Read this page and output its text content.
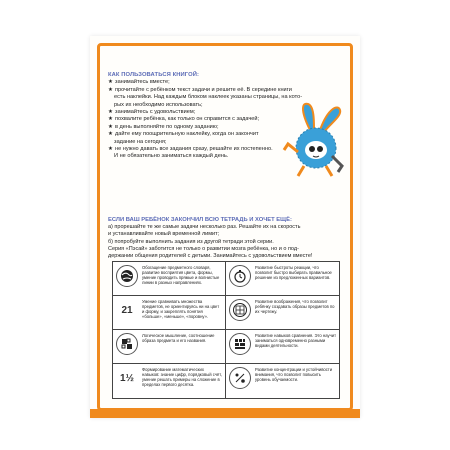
КАК ПОЛЬЗОВАТЬСЯ КНИГОЙ:
★ занимайтесь вместе;
★ прочитайте с ребёнком текст задачи и решите её. В середине книги
есть наклейки. Над каждым блоком наклеек указаны страницы, на кото-
рых их необходимо использовать;
★ занимайтесь с удовольствием;
★ похвалите ребёнка, как только он справится с задачей;
★ в день выполняйте по одному заданию;
★ дайте ему поощрительную наклейку, когда он закончит
задание на сегодня;
★ не нужно давать все задания сразу, решайте их постепенно.
И не обязательно заниматься каждый день.
ЕСЛИ ВАШ РЕБЁНОК ЗАКОНЧИЛ ВСЮ ТЕТРАДЬ И ХОЧЕТ ЕЩЁ:
а) прорешайте те же самые задачи несколько раз. Решайте их на скорость
и устанавливайте новый временной лимит;
б) попробуйте выполнить задания из другой тетради этой серии.
Серия «Пэсай» заботится не только о развитии мозга ребёнка, но и о под-
держании общения родителей с детьми. Занимайтесь с удовольствием вместе!
Обогащение предметного словаря, развитие восприятия цвета, формы, умение проводить прямые и волнистые линии в разных направлениях.
Развитие быстроты реакции, что позволит быстро выбирать правильное решение из предложенных вариантов.
2‍1
Умение сравнивать множества предметов, не ориентируясь ни на цвет и форму, и закреплять понятия «больше», «меньше», «поровну».
Развитие воображения, что позволит ребёнку создавать образы предметов по их чертежу.
Логическое мышление, соотношение образа предмета и его названия.
Развитие навыков сравнения. Это научит заниматься одновременно разными видами деятельности.
1½
Формирование математических навыков: знание цифр, порядковый счёт, умение решать примеры на сложение в пределах первого десятка.
Развитие концентрации и устойчивости внимания, что позволит повысить уровень обучаемости.
